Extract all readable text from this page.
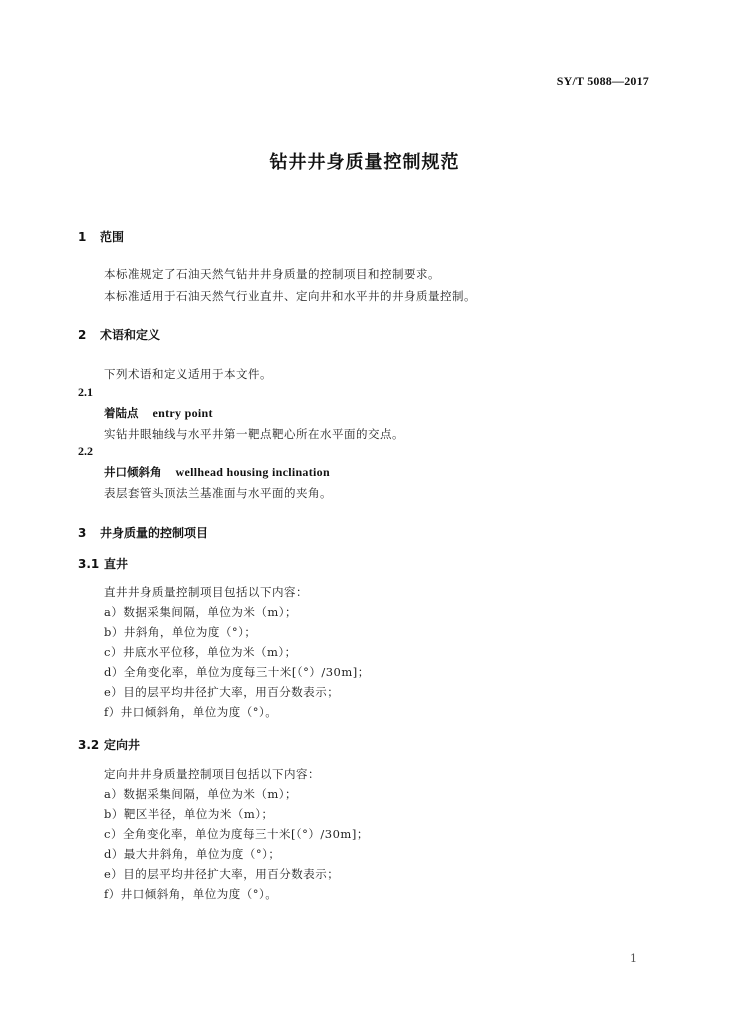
SY/T 5088—2017
钻井井身质量控制规范
1 范围
本标准规定了石油天然气钻井井身质量的控制项目和控制要求。
本标准适用于石油天然气行业直井、定向井和水平井的井身质量控制。
2 术语和定义
下列术语和定义适用于本文件。
2.1
着陆点 entry point
实钻井眼轴线与水平井第一靶点靶心所在水平面的交点。
2.2
井口倾斜角 wellhead housing inclination
表层套管头顶法兰基准面与水平面的夹角。
3 井身质量的控制项目
3.1 直井
直井井身质量控制项目包括以下内容：
a）数据采集间隔，单位为米（m）；
b）井斜角，单位为度（°）；
c）井底水平位移，单位为米（m）；
d）全角变化率，单位为度每三十米[（°）/30m]；
e）目的层平均井径扩大率，用百分数表示；
f）井口倾斜角，单位为度（°）。
3.2 定向井
定向井井身质量控制项目包括以下内容：
a）数据采集间隔，单位为米（m）；
b）靶区半径，单位为米（m）；
c）全角变化率，单位为度每三十米[（°）/30m]；
d）最大井斜角，单位为度（°）；
e）目的层平均井径扩大率，用百分数表示；
f）井口倾斜角，单位为度（°）。
1
